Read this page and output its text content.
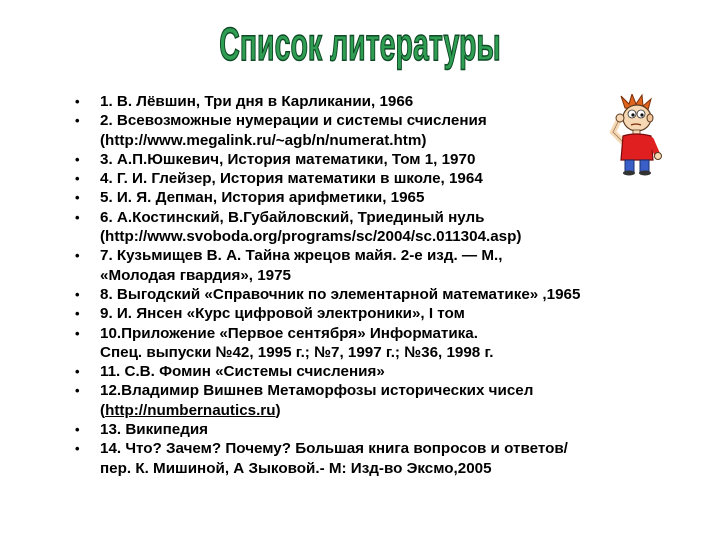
Список литературы
• 1. В. Лёвшин, Три дня в Карликании, 1966
• 2. Всевозможные нумерации и системы счисления
(http://www.megalink.ru/~agb/n/numerat.htm)
• 3. А.П.Юшкевич, История математики, Том 1, 1970
• 4. Г. И. Глейзер, История математики в школе, 1964
• 5. И. Я. Депман, История арифметики, 1965
• 6. А.Костинский, В.Губайловский, Триединый нуль
(http://www.svoboda.org/programs/sc/2004/sc.011304.asp)
• 7. Кузьмищев В. А. Тайна жрецов майя. 2-е изд. — М.,
«Молодая гвардия», 1975
• 8. Выгодский «Справочник по элементарной математике» ,1965
• 9. И. Янсен «Курс цифровой электроники», I том
• 10.Приложение «Первое сентября» Информатика.
Спец. выпуски №42, 1995 г.; №7, 1997 г.; №36, 1998 г.
• 11. С.В. Фомин «Системы счисления»
• 12.Владимир Вишнев Метаморфозы исторических чисел
(http://numbernautics.ru)
• 13. Википедия
• 14. Что? Зачем? Почему? Большая книга вопросов и ответов/
пер. К. Мишиной, А Зыковой.- М: Изд-во Эксмо,2005
